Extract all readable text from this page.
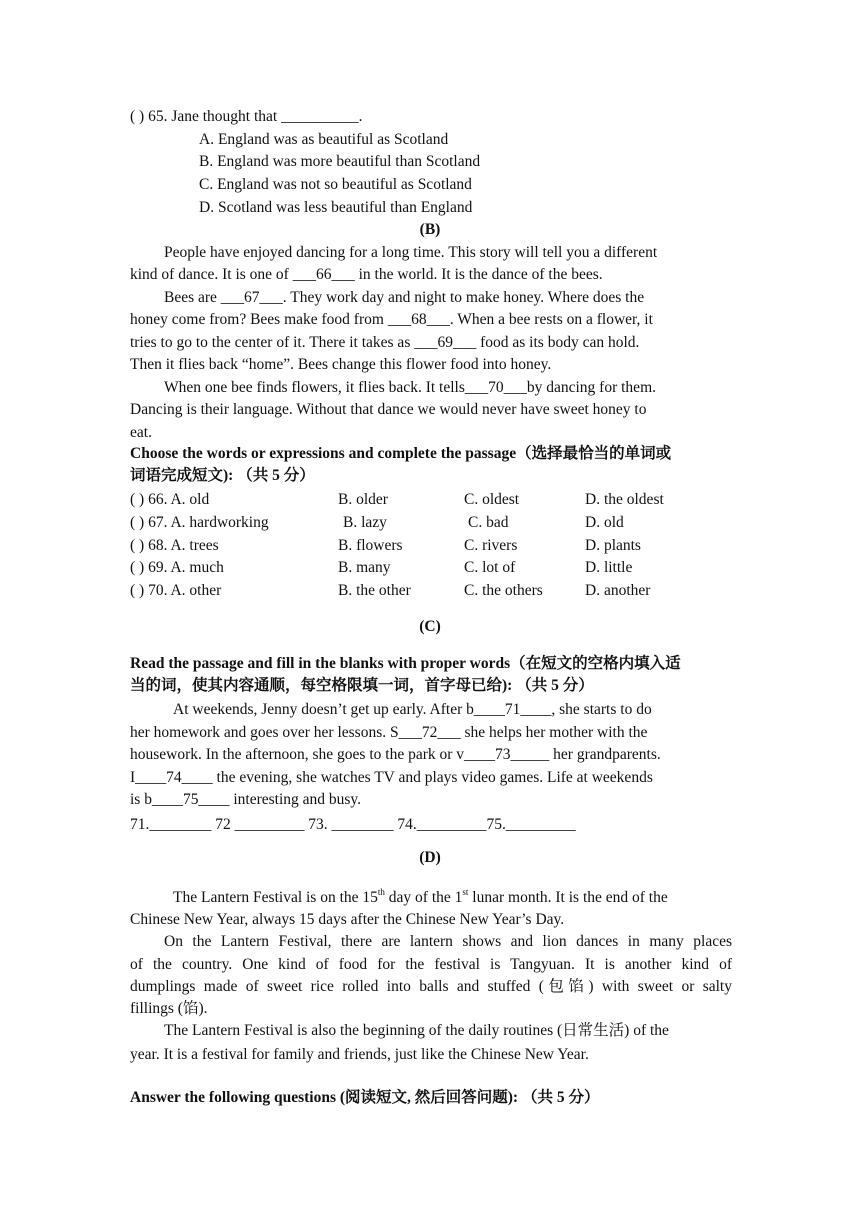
( ) 65. Jane thought that __________.
A. England was as beautiful as Scotland
B. England was more beautiful than Scotland
C. England was not so beautiful as Scotland
D. Scotland was less beautiful than England
(B)
People have enjoyed dancing for a long time. This story will tell you a different
kind of dance. It is one of ___66___ in the world. It is the dance of the bees.
Bees are ___67___. They work day and night to make honey. Where does the
honey come from? Bees make food from ___68___. When a bee rests on a flower, it
tries to go to the center of it. There it takes as ___69___ food as its body can hold.
Then it flies back “home”. Bees change this flower food into honey.
When one bee finds flowers, it flies back. It tells___70___by dancing for them.
Dancing is their language. Without that dance we would never have sweet honey to
eat.
Choose the words or expressions and complete the passage（选择最恰当的单词或
词语完成短文): （共 5 分）
( ) 66. A. old	B. older	C. oldest	D. the oldest
( ) 67. A. hardworking	B. lazy	C. bad	D. old
( ) 68. A. trees	B. flowers	C. rivers	D. plants
( ) 69. A. much	B. many	C. lot of	D. little
( ) 70. A. other	B. the other	C. the others	D. another
(C)
Read the passage and fill in the blanks with proper words（在短文的空格内填入适
当的词，使其内容通顺，每空格限填一词，首字母已给): （共 5 分）
At weekends, Jenny doesn’t get up early. After b____71____, she starts to do
her homework and goes over her lessons. S___72___ she helps her mother with the
housework. In the afternoon, she goes to the park or v____73_____ her grandparents.
I____74____ the evening, she watches TV and plays video games. Life at weekends
is b____75____ interesting and busy.
71.________ 72 _________ 73. ________ 74._________75._________
(D)
The Lantern Festival is on the 15th day of the 1st lunar month. It is the end of the
Chinese New Year, always 15 days after the Chinese New Year’s Day.
On the Lantern Festival, there are lantern shows and lion dances in many places
of the country. One kind of food for the festival is Tangyuan. It is another kind of
dumplings made of sweet rice rolled into balls and stuffed (包馅) with sweet or salty
fillings (馅).
The Lantern Festival is also the beginning of the daily routines (日常生活) of the
year. It is a festival for family and friends, just like the Chinese New Year.
Answer the following questions (阅读短文, 然后回答问题): （共 5 分）
